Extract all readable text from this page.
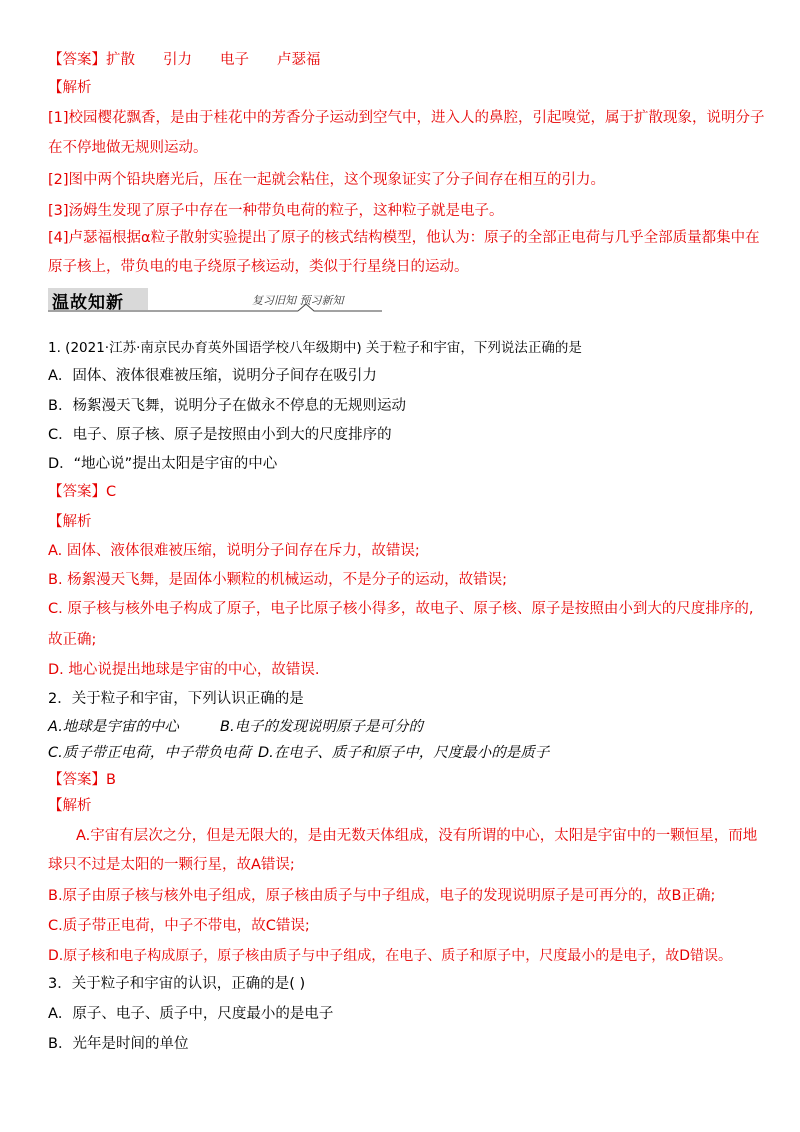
【答案】扩散 引力 电子 卢瑟福
【解析
[1]校园樱花飘香，是由于桂花中的芳香分子运动到空气中，进入人的鼻腔，引起嗅觉，属于扩散现象，说明分子
在不停地做无规则运动。
[2]图中两个铅块磨光后，压在一起就会粘住，这个现象证实了分子间存在相互的引力。
[3]汤姆生发现了原子中存在一种带负电荷的粒子，这种粒子就是电子。
[4]卢瑟福根据α粒子散射实验提出了原子的核式结构模型，他认为：原子的全部正电荷与几乎全部质量都集中在
原子核上，带负电的电子绕原子核运动，类似于行星绕日的运动。
温故知新	复习旧知 预习新知
1. (2021·江苏·南京民办育英外国语学校八年级期中) 关于粒子和宇宙，下列说法正确的是
A．固体、液体很难被压缩，说明分子间存在吸引力
B．杨絮漫天飞舞，说明分子在做永不停息的无规则运动
C．电子、原子核、原子是按照由小到大的尺度排序的
D．“地心说”提出太阳是宇宙的中心
【答案】C
【解析
A. 固体、液体很难被压缩，说明分子间存在斥力，故错误;
B. 杨絮漫天飞舞，是固体小颗粒的机械运动，不是分子的运动，故错误;
C. 原子核与核外电子构成了原子，电子比原子核小得多，故电子、原子核、原子是按照由小到大的尺度排序的,
故正确;
D. 地心说提出地球是宇宙的中心，故错误.
2．关于粒子和宇宙，下列认识正确的是
A.地球是宇宙的中心	B.电子的发现说明原子是可分的
C.质子带正电荷，中子带负电荷 D.在电子、质子和原子中，尺度最小的是质子
【答案】B
【解析
A.宇宙有层次之分，但是无限大的，是由无数天体组成，没有所谓的中心，太阳是宇宙中的一颗恒星，而地
球只不过是太阳的一颗行星，故A错误;
B.原子由原子核与核外电子组成，原子核由质子与中子组成，电子的发现说明原子是可再分的，故B正确;
C.质子带正电荷，中子不带电，故C错误;
D.原子核和电子构成原子，原子核由质子与中子组成，在电子、质子和原子中，尺度最小的是电子，故D错误。
3．关于粒子和宇宙的认识，正确的是( )
A．原子、电子、质子中，尺度最小的是电子
B．光年是时间的单位
